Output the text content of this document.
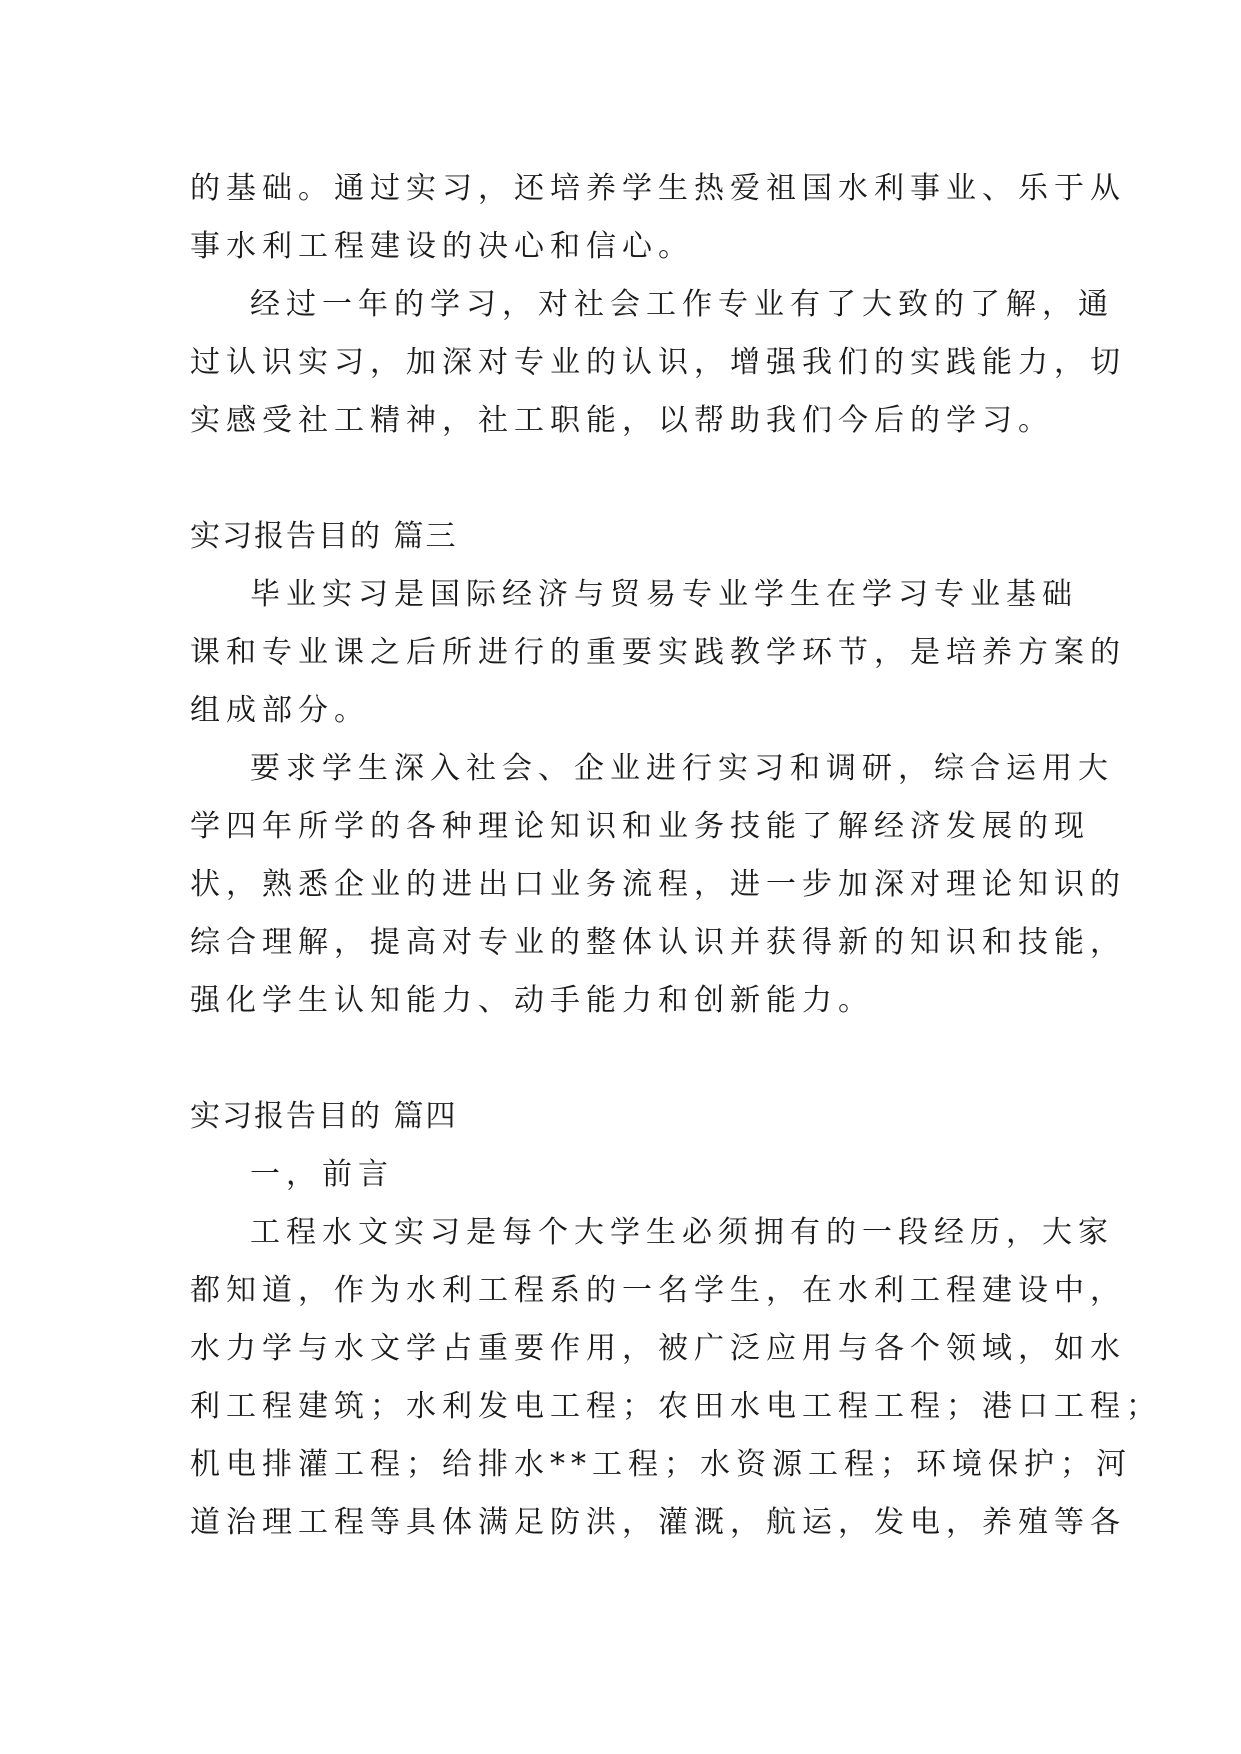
的基础。通过实习，还培养学生热爱祖国水利事业、乐于从
事水利工程建设的决心和信心。
经过一年的学习，对社会工作专业有了大致的了解，通
过认识实习，加深对专业的认识，增强我们的实践能力，切
实感受社工精神，社工职能，以帮助我们今后的学习。
实习报告目的 篇三
毕业实习是国际经济与贸易专业学生在学习专业基础
课和专业课之后所进行的重要实践教学环节，是培养方案的
组成部分。
要求学生深入社会、企业进行实习和调研，综合运用大
学四年所学的各种理论知识和业务技能了解经济发展的现
状，熟悉企业的进出口业务流程，进一步加深对理论知识的
综合理解，提高对专业的整体认识并获得新的知识和技能，
强化学生认知能力、动手能力和创新能力。
实习报告目的 篇四
一，前言
工程水文实习是每个大学生必须拥有的一段经历，大家
都知道，作为水利工程系的一名学生，在水利工程建设中，
水力学与水文学占重要作用，被广泛应用与各个领域，如水
利工程建筑；水利发电工程；农田水电工程工程；港口工程；
机电排灌工程；给排水**工程；水资源工程；环境保护；河
道治理工程等具体满足防洪，灌溉，航运，发电，养殖等各
